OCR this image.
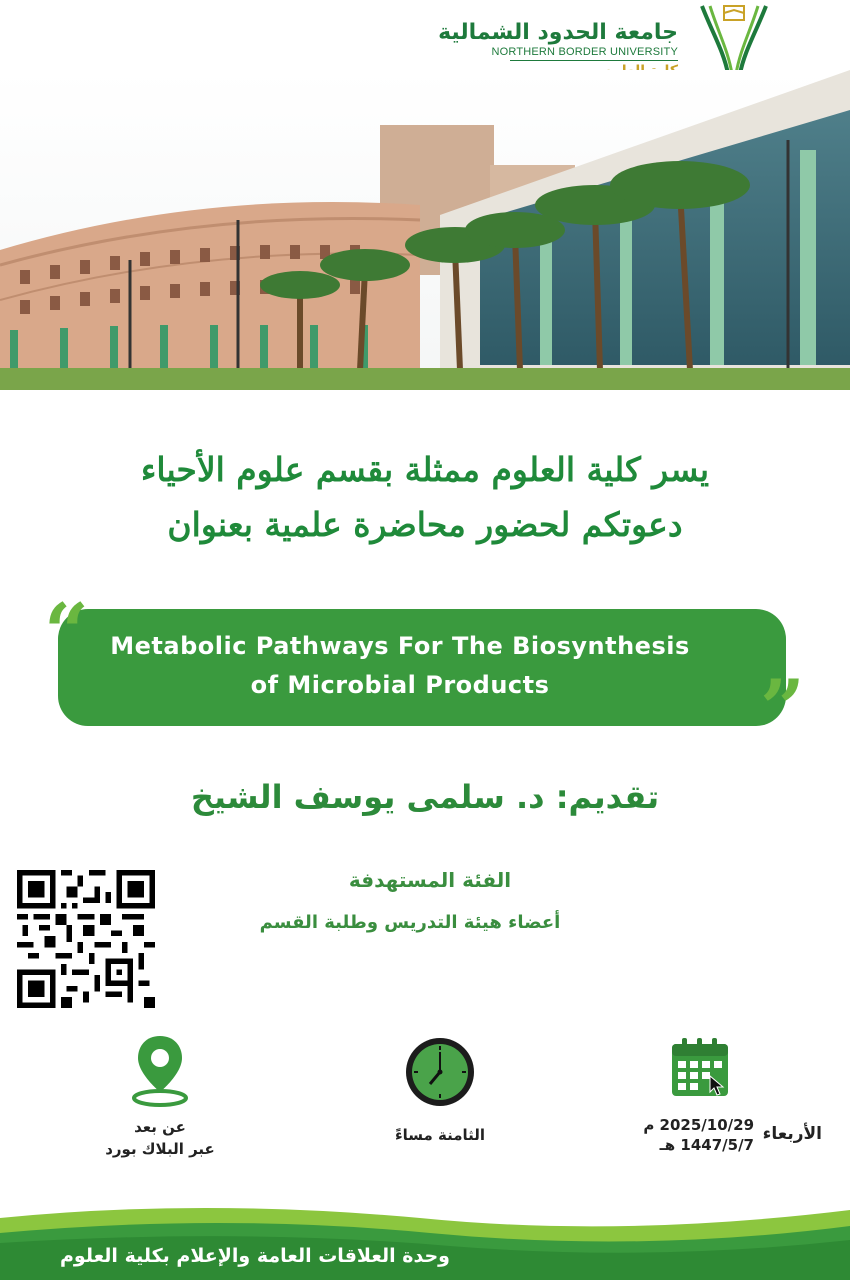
جامعة الحدود الشمالية
NORTHERN BORDER UNIVERSITY
يسر كلية العلوم ممثلة بقسم علوم الأحياء
دعوتكم لحضور محاضرة علمية بعنوان
“
”
Metabolic Pathways For The Biosynthesis
of Microbial Products
تقديم: د. سلمى يوسف الشيخ
الفئة المستهدفة
أعضاء هيئة التدريس وطلبة القسم
عن بعد
عبر البلاك بورد
الثامنة مساءً	الأربعاء
2025/10/29 م
1447/5/7 هـ
وحدة العلاقات العامة والإعلام بكلية العلوم
